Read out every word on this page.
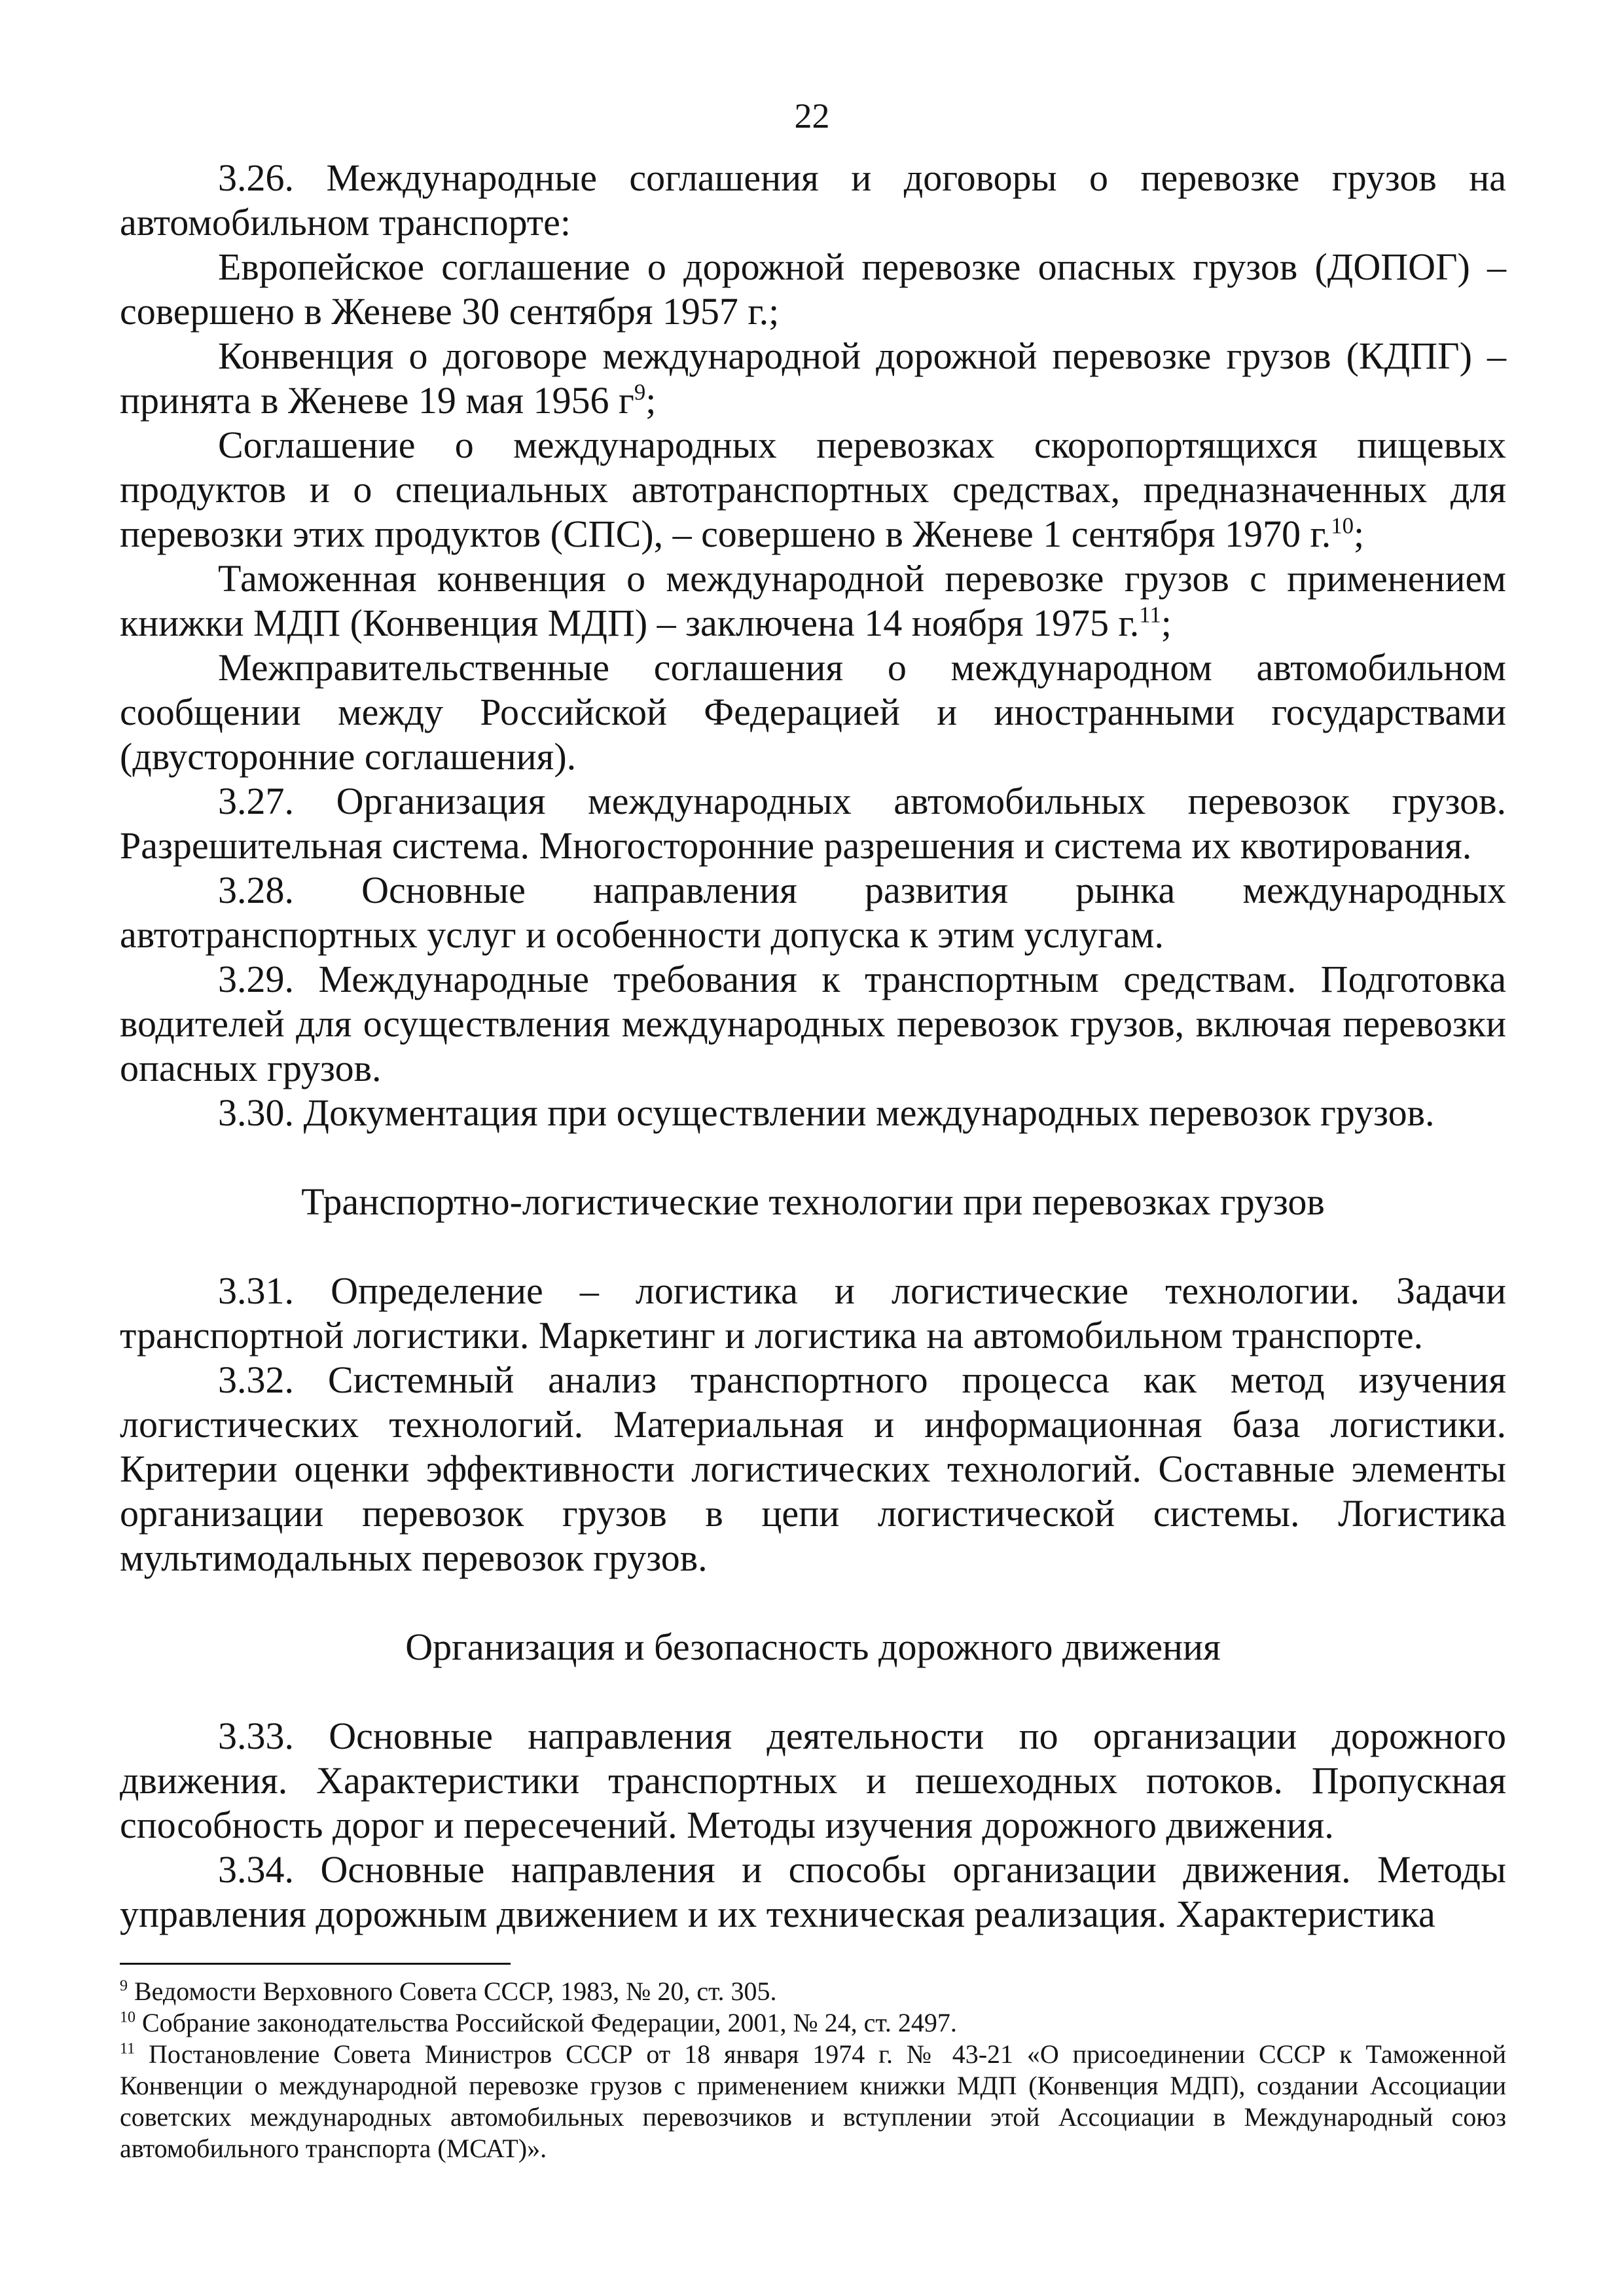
22

3.26. Международные соглашения и договоры о перевозке грузов на автомобильном транспорте:

Европейское соглашение о дорожной перевозке опасных грузов (ДОПОГ) – совершено в Женеве 30 сентября 1957 г.;

Конвенция о договоре международной дорожной перевозке грузов (КДПГ) – принята в Женеве 19 мая 1956 $г^9$;

Соглашение о международных перевозках скоропортящихся пищевых продуктов и о специальных автотранспортных средствах, предназначенных для перевозки этих продуктов (СПС), – совершено в Женеве 1 сентября 1970 г.$^{10}$;

Таможенная конвенция о международной перевозке грузов с применением книжки МДП (Конвенция МДП) – заключена 14 ноября 1975 г.$^{11}$;

Межправительственные соглашения о международном автомобильном сообщении между Российской Федерацией и иностранными государствами (двусторонние соглашения).

3.27. Организация международных автомобильных перевозок грузов. Разрешительная система. Многосторонние разрешения и система их квотирования.

3.28. Основные направления развития рынка международных автотранспортных услуг и особенности допуска к этим услугам.

3.29. Международные требования к транспортным средствам. Подготовка водителей для осуществления международных перевозок грузов, включая перевозки опасных грузов.

3.30. Документация при осуществлении международных перевозок грузов.

Транспортно-логистические технологии при перевозках грузов

3.31. Определение – логистика и логистические технологии. Задачи транспортной логистики. Маркетинг и логистика на автомобильном транспорте.

3.32. Системный анализ транспортного процесса как метод изучения логистических технологий. Материальная и информационная база логистики. Критерии оценки эффективности логистических технологий. Составные элементы организации перевозок грузов в цепи логистической системы. Логистика мультимодальных перевозок грузов.

Организация и безопасность дорожного движения

3.33. Основные направления деятельности по организации дорожного движения. Характеристики транспортных и пешеходных потоков. Пропускная способность дорог и пересечений. Методы изучения дорожного движения.

3.34. Основные направления и способы организации движения. Методы управления дорожным движением и их техническая реализация. Характеристика

$^9$ Ведомости Верховного Совета СССР, 1983, № 20, ст. 305.

$^{10}$ Собрание законодательства Российской Федерации, 2001, № 24, ст. 2497.

$^{11}$ Постановление Совета Министров СССР от 18 января 1974 г. № 43-21 «О присоединении СССР к Таможенной Конвенции о международной перевозке грузов с применением книжки МДП (Конвенция МДП), создании Ассоциации советских международных автомобильных перевозчиков и вступлении этой Ассоциации в Международный союз автомобильного транспорта (МСАТ)».
